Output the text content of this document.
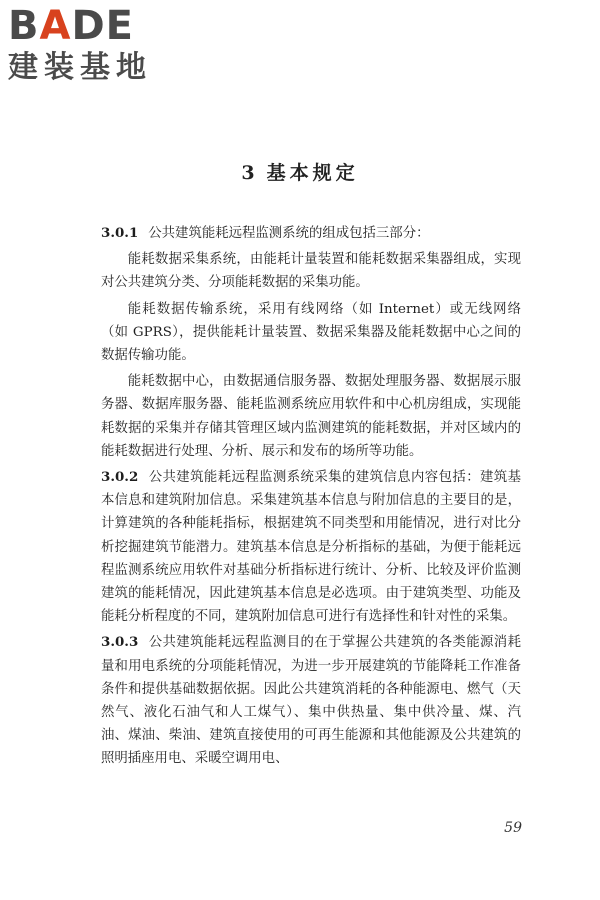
BADE
建装基地
3 基本规定

3.0.1 公共建筑能耗远程监测系统的组成包括三部分：

能耗数据采集系统，由能耗计量装置和能耗数据采集器组成，实现对公共建筑分类、分项能耗数据的采集功能。

能耗数据传输系统，采用有线网络（如 Internet）或无线网络（如 GPRS），提供能耗计量装置、数据采集器及能耗数据中心之间的数据传输功能。

能耗数据中心，由数据通信服务器、数据处理服务器、数据展示服务器、数据库服务器、能耗监测系统应用软件和中心机房组成，实现能耗数据的采集并存储其管理区域内监测建筑的能耗数据，并对区域内的能耗数据进行处理、分析、展示和发布的场所等功能。

3.0.2 公共建筑能耗远程监测系统采集的建筑信息内容包括：建筑基本信息和建筑附加信息。采集建筑基本信息与附加信息的主要目的是，计算建筑的各种能耗指标，根据建筑不同类型和用能情况，进行对比分析挖掘建筑节能潜力。建筑基本信息是分析指标的基础，为便于能耗远程监测系统应用软件对基础分析指标进行统计、分析、比较及评价监测建筑的能耗情况，因此建筑基本信息是必选项。由于建筑类型、功能及能耗分析程度的不同，建筑附加信息可进行有选择性和针对性的采集。

3.0.3 公共建筑能耗远程监测目的在于掌握公共建筑的各类能源消耗量和用电系统的分项能耗情况，为进一步开展建筑的节能降耗工作准备条件和提供基础数据依据。因此公共建筑消耗的各种能源电、燃气（天然气、液化石油气和人工煤气）、集中供热量、集中供冷量、煤、汽油、煤油、柴油、建筑直接使用的可再生能源和其他能源及公共建筑的照明插座用电、采暖空调用电、

59
